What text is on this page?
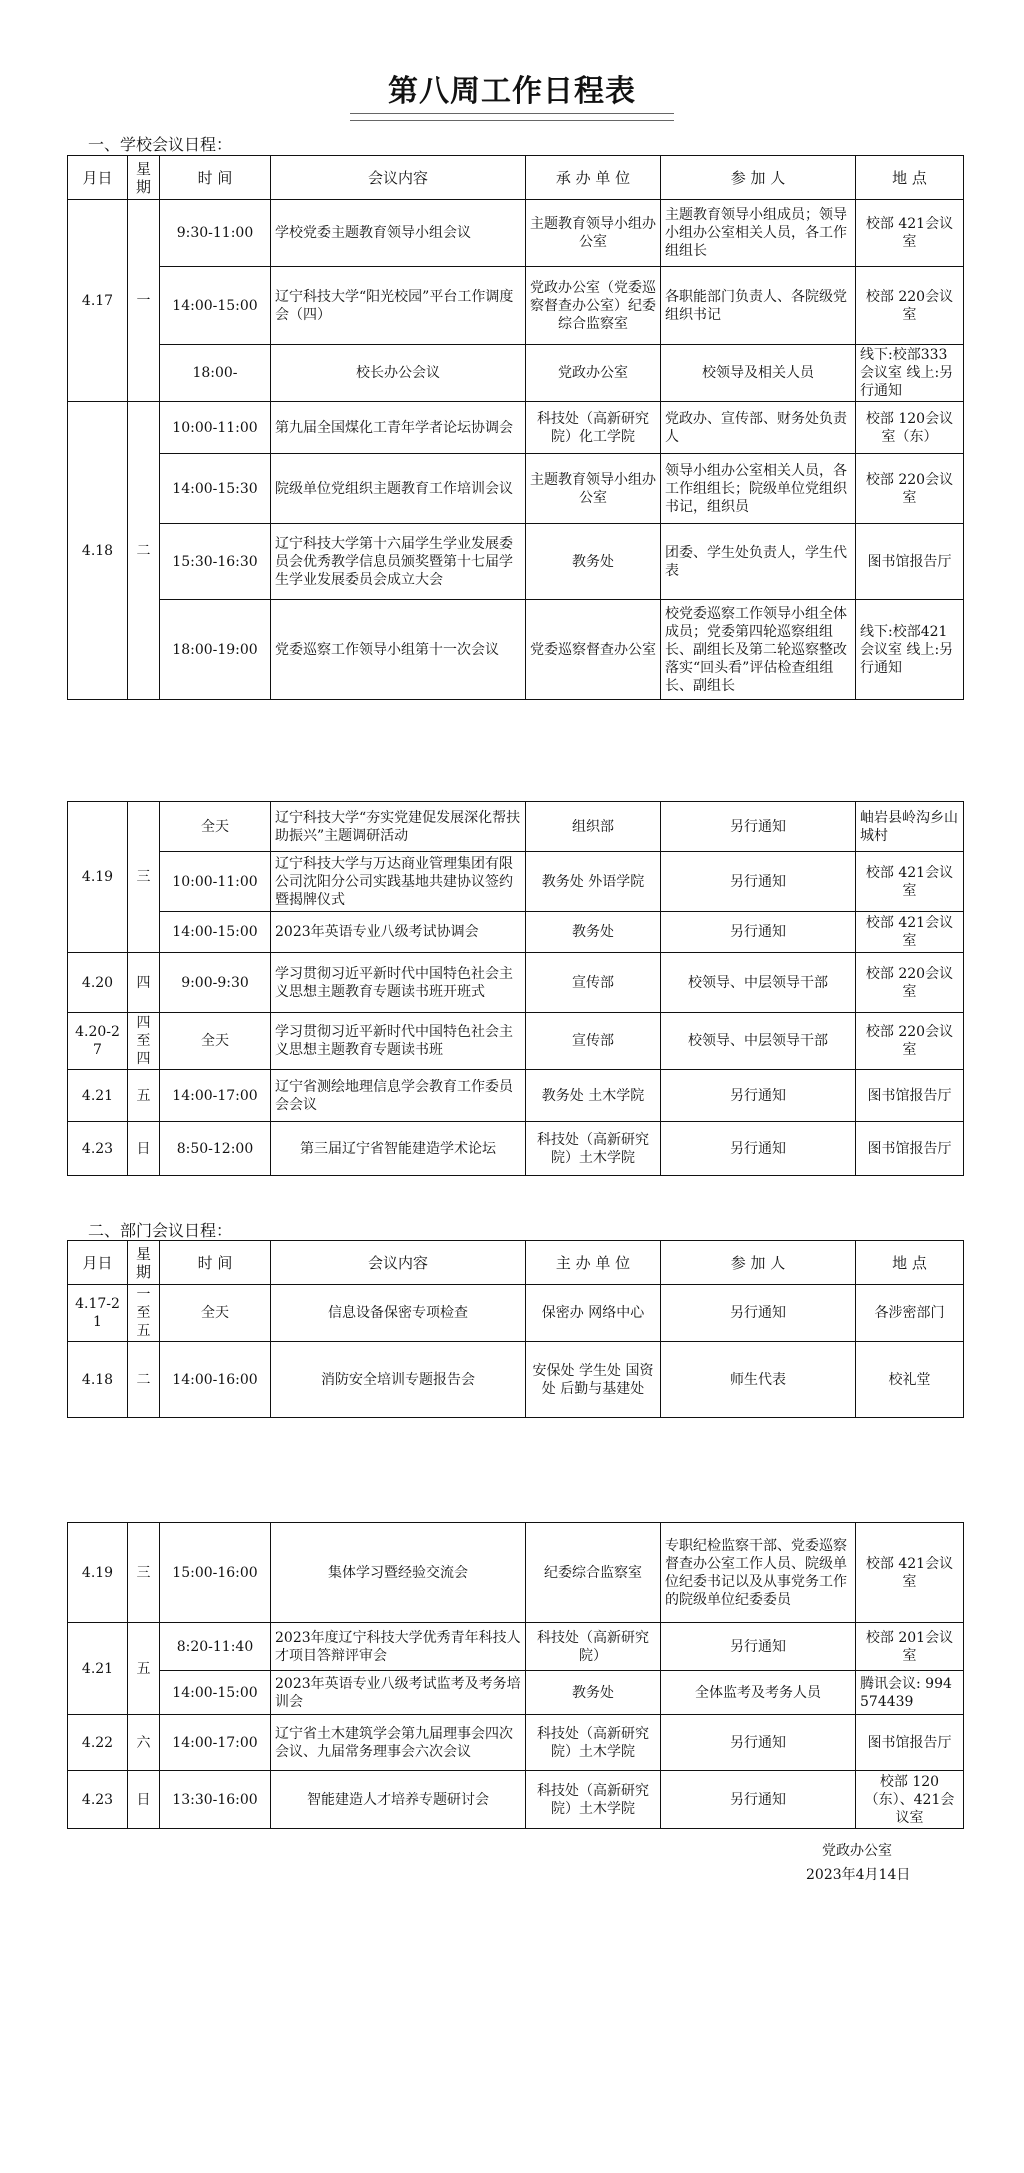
第八周工作日程表
一、学校会议日程：
月日	星期	时 间	会议内容	承 办 单 位	参 加 人	地 点
4.17	一	9:30-11:00	学校党委主题教育领导小组会议	主题教育领导小组办公室	主题教育领导小组成员；领导小组办公室相关人员，各工作组组长	校部 421会议室
		14:00-15:00	辽宁科技大学“阳光校园”平台工作调度会（四）	党政办公室（党委巡察督查办公室）纪委综合监察室	各职能部门负责人、各院级党组织书记	校部 220会议室
		18:00-	校长办公会议	党政办公室	校领导及相关人员	线下:校部333会议室 线上:另行通知
4.18	二	10:00-11:00	第九届全国煤化工青年学者论坛协调会	科技处（高新研究院）化工学院	党政办、宣传部、财务处负责人	校部 120会议室（东）
		14:00-15:30	院级单位党组织主题教育工作培训会议	主题教育领导小组办公室	领导小组办公室相关人员，各工作组组长；院级单位党组织书记，组织员	校部 220会议室
		15:30-16:30	辽宁科技大学第十六届学生学业发展委员会优秀教学信息员颁奖暨第十七届学生学业发展委员会成立大会	教务处	团委、学生处负责人，学生代表	图书馆报告厅
		18:00-19:00	党委巡察工作领导小组第十一次会议	党委巡察督查办公室	校党委巡察工作领导小组全体成员；党委第四轮巡察组组长、副组长及第二轮巡察整改落实“回头看”评估检查组组长、副组长	线下:校部421会议室 线上:另行通知
4.19	三	全天	辽宁科技大学“夯实党建促发展深化帮扶助振兴”主题调研活动	组织部	另行通知	岫岩县岭沟乡山城村
		10:00-11:00	辽宁科技大学与万达商业管理集团有限公司沈阳分公司实践基地共建协议签约暨揭牌仪式	教务处 外语学院	另行通知	校部 421会议室
		14:00-15:00	2023年英语专业八级考试协调会	教务处	另行通知	校部 421会议室
4.20	四	9:00-9:30	学习贯彻习近平新时代中国特色社会主义思想主题教育专题读书班开班式	宣传部	校领导、中层领导干部	校部 220会议室
4.20-27	四至四	全天	学习贯彻习近平新时代中国特色社会主义思想主题教育专题读书班	宣传部	校领导、中层领导干部	校部 220会议室
4.21	五	14:00-17:00	辽宁省测绘地理信息学会教育工作委员会会议	教务处 土木学院	另行通知	图书馆报告厅
4.23	日	8:50-12:00	第三届辽宁省智能建造学术论坛	科技处（高新研究院）土木学院	另行通知	图书馆报告厅
二、部门会议日程：
月日	星期	时 间	会议内容	主 办 单 位	参 加 人	地 点
4.17-21	一至五	全天	信息设备保密专项检查	保密办 网络中心	另行通知	各涉密部门
4.18	二	14:00-16:00	消防安全培训专题报告会	安保处 学生处 国资处 后勤与基建处	师生代表	校礼堂
4.19	三	15:00-16:00	集体学习暨经验交流会	纪委综合监察室	专职纪检监察干部、党委巡察督查办公室工作人员、院级单位纪委书记以及从事党务工作的院级单位纪委委员	校部 421会议室
4.21	五	8:20-11:40	2023年度辽宁科技大学优秀青年科技人才项目答辩评审会	科技处（高新研究院）	另行通知	校部 201会议室
		14:00-15:00	2023年英语专业八级考试监考及考务培训会	教务处	全体监考及考务人员	腾讯会议: 994574439
4.22	六	14:00-17:00	辽宁省土木建筑学会第九届理事会四次会议、九届常务理事会六次会议	科技处（高新研究院）土木学院	另行通知	图书馆报告厅
4.23	日	13:30-16:00	智能建造人才培养专题研讨会	科技处（高新研究院）土木学院	另行通知	校部 120（东）、421会议室
党政办公室
2023年4月14日
